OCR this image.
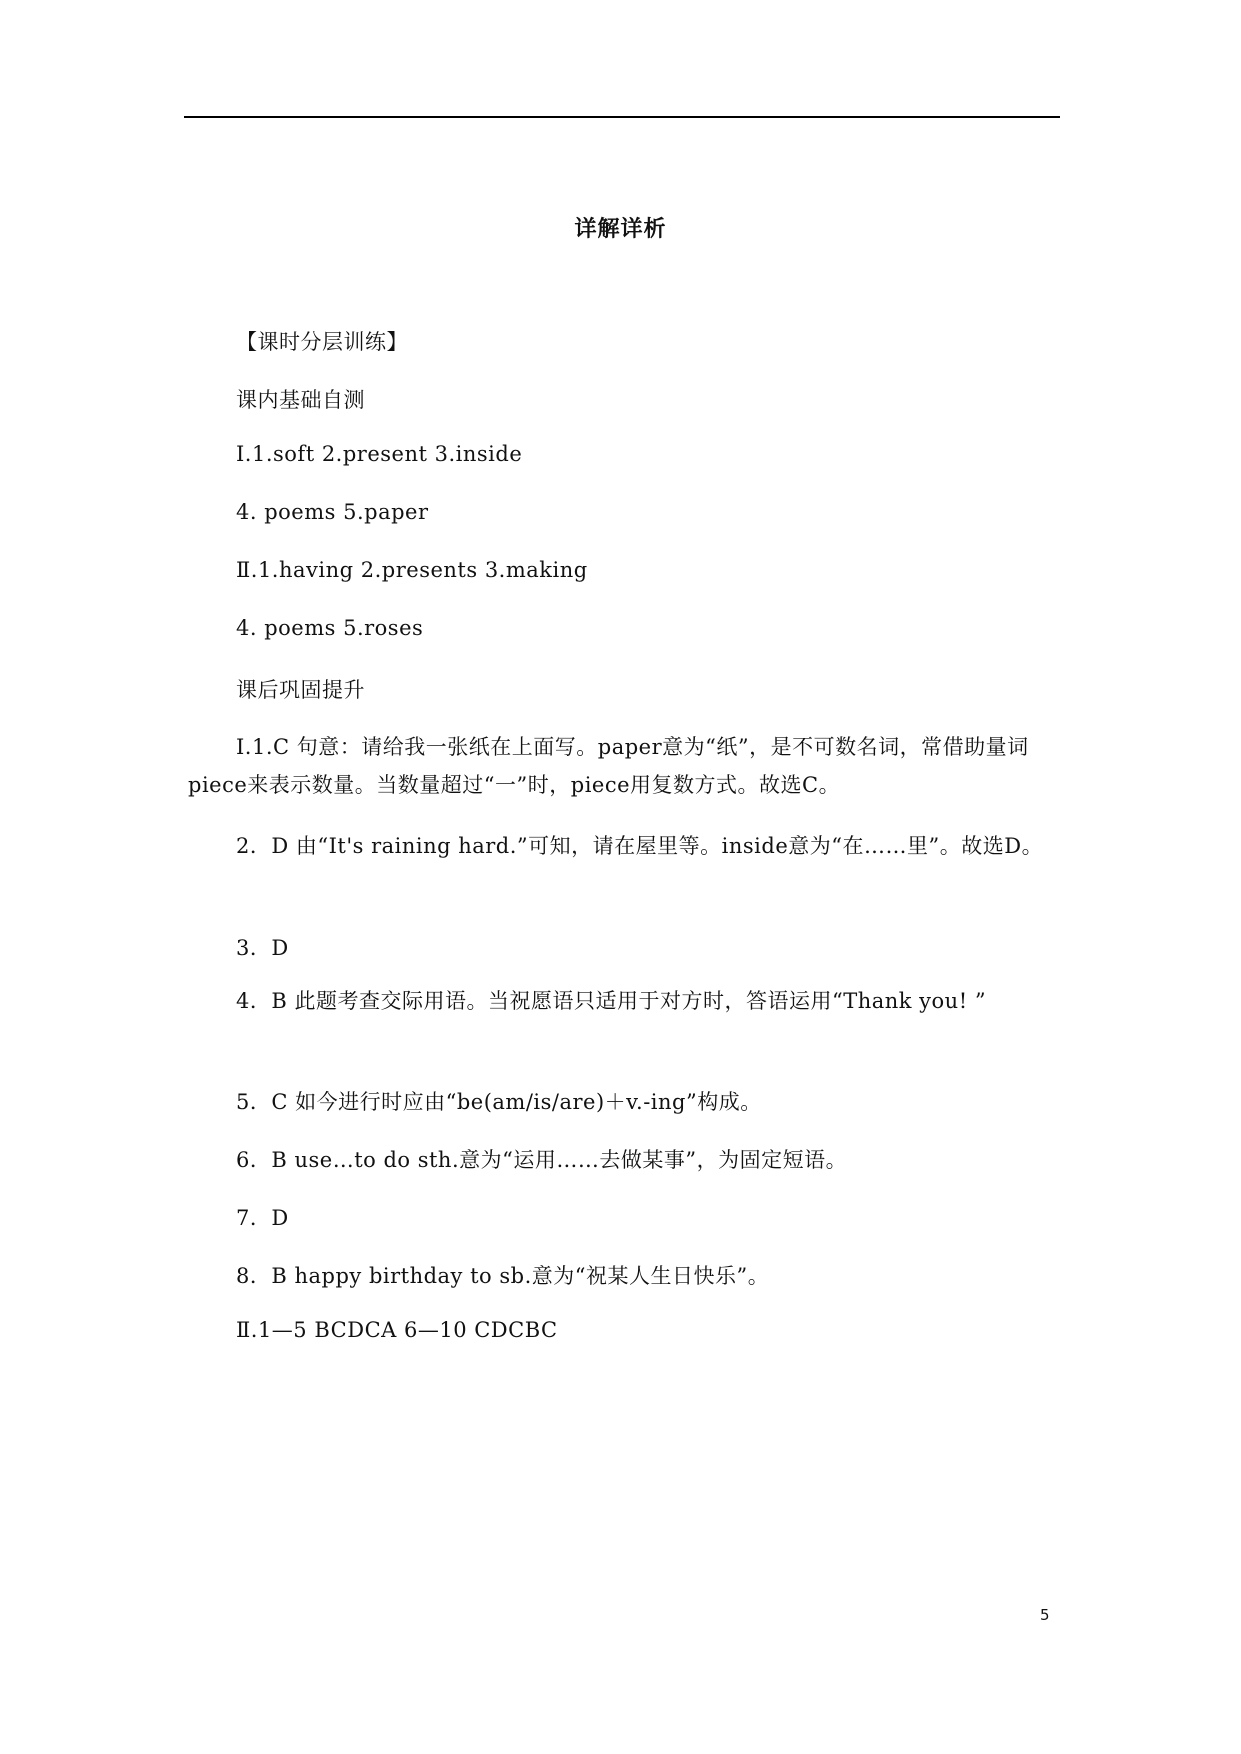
详解详析
【课时分层训练】
课内基础自测
Ⅰ.1.soft 2.present 3.inside
4. poems 5.paper
Ⅱ.1.having 2.presents 3.making
4. poems 5.roses
课后巩固提升
Ⅰ.1.C 句意：请给我一张纸在上面写。paper意为“纸”，是不可数名词，常借助量词piece来表示数量。当数量超过“一”时，piece用复数方式。故选C。
2．D 由“It's raining hard.”可知，请在屋里等。inside意为“在……里”。故选D。
3．D
4．B 此题考查交际用语。当祝愿语只适用于对方时，答语运用“Thank you! ”
5．C 如今进行时应由“be(am/is/are)＋v.-ing”构成。
6．B use…to do sth.意为“运用……去做某事”，为固定短语。
7．D
8．B happy birthday to sb.意为“祝某人生日快乐”。
Ⅱ.1—5 BCDCA 6—10 CDCBC
5
